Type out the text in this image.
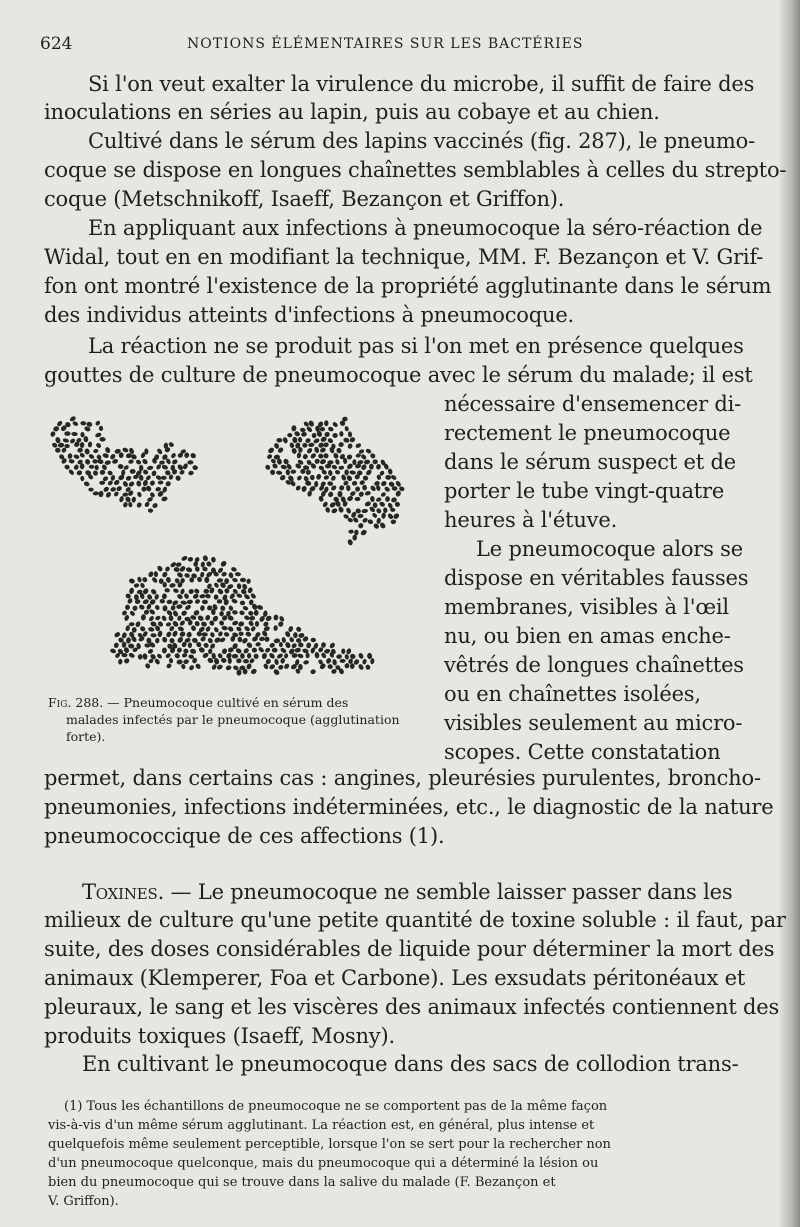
624	NOTIONS ÉLÉMENTAIRES SUR LES BACTÉRIES
Si l'on veut exalter la virulence du microbe, il suffit de faire des
inoculations en séries au lapin, puis au cobaye et au chien.
Cultivé dans le sérum des lapins vaccinés (fig. 287), le pneumo-
coque se dispose en longues chaînettes semblables à celles du strepto-
coque (Metschnikoff, Isaeff, Bezançon et Griffon).
En appliquant aux infections à pneumocoque la séro-réaction de
Widal, tout en en modifiant la technique, MM. F. Bezançon et V. Grif-
fon ont montré l'existence de la propriété agglutinante dans le sérum
des individus atteints d'infections à pneumocoque.
La réaction ne se produit pas si l'on met en présence quelques
gouttes de culture de pneumocoque avec le sérum du malade; il est
nécessaire d'ensemencer di-
rectement le pneumocoque
dans le sérum suspect et de
porter le tube vingt-quatre
heures à l'étuve.
Le pneumocoque alors se
dispose en véritables fausses
membranes, visibles à l'œil
nu, ou bien en amas enche-
vêtrés de longues chaînettes
ou en chaînettes isolées,
visibles seulement au micro-
scopes. Cette constatation
Fig. 288. — Pneumocoque cultivé en sérum des
malades infectés par le pneumocoque (agglutination
forte).
permet, dans certains cas : angines, pleurésies purulentes, broncho-
pneumonies, infections indéterminées, etc., le diagnostic de la nature
pneumococcique de ces affections (1).
Toxines. — Le pneumocoque ne semble laisser passer dans les
milieux de culture qu'une petite quantité de toxine soluble : il faut, par
suite, des doses considérables de liquide pour déterminer la mort des
animaux (Klemperer, Foa et Carbone). Les exsudats péritonéaux et
pleuraux, le sang et les viscères des animaux infectés contiennent des
produits toxiques (Isaeff, Mosny).
En cultivant le pneumocoque dans des sacs de collodion trans-
(1) Tous les échantillons de pneumocoque ne se comportent pas de la même façon
vis-à-vis d'un même sérum agglutinant. La réaction est, en général, plus intense et
quelquefois même seulement perceptible, lorsque l'on se sert pour la rechercher non
d'un pneumocoque quelconque, mais du pneumocoque qui a déterminé la lésion ou
bien du pneumocoque qui se trouve dans la salive du malade (F. Bezançon et
V. Griffon).
